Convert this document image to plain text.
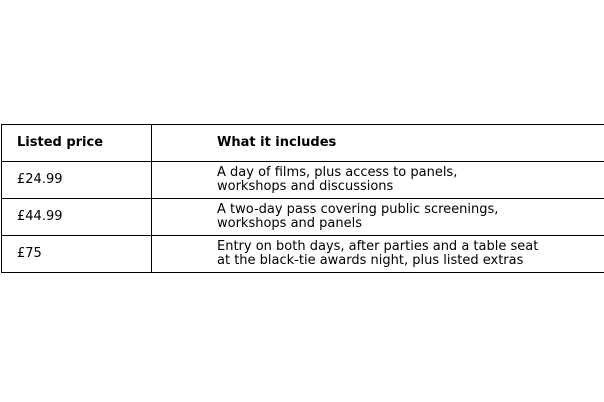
Listed price	What it includes
£24.99	A day of films, plus access to panels,
workshops and discussions
£44.99	A two-day pass covering public screenings,
workshops and panels
£75	Entry on both days, after parties and a table seat
at the black-tie awards night, plus listed extras
